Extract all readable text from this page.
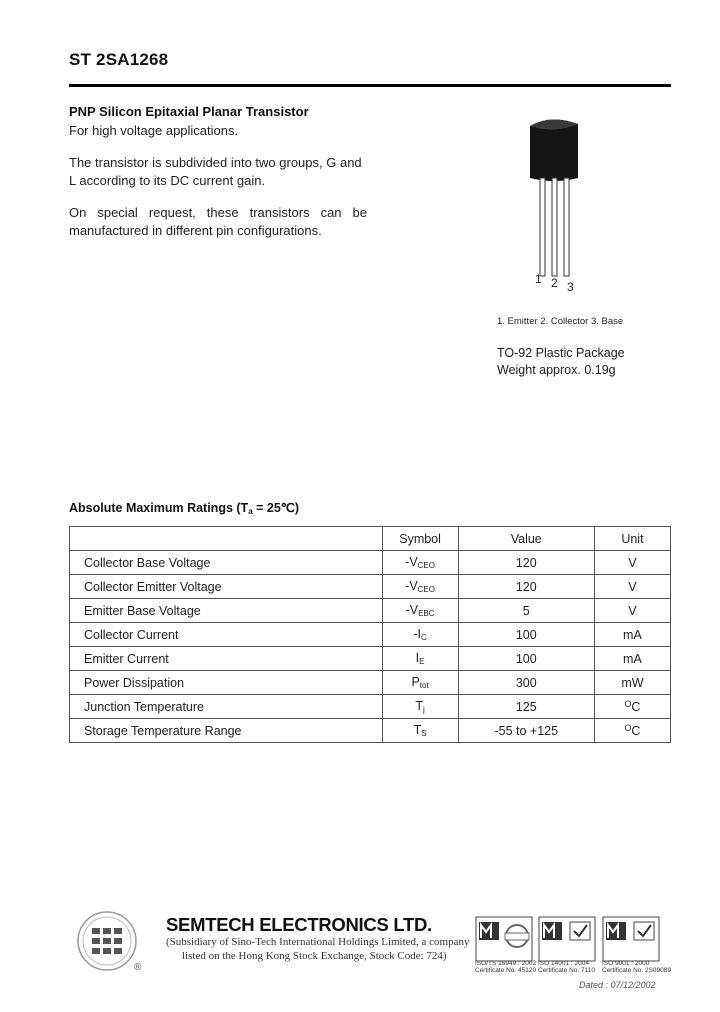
ST 2SA1268
PNP Silicon Epitaxial Planar Transistor
For high voltage applications.
The transistor is subdivided into two groups, G and L according to its DC current gain.
On special request, these transistors can be
manufactured in different pin configurations.
1 2 3
1. Emitter 2. Collector 3. Base
TO-92 Plastic Package
Weight approx. 0.19g
Absolute Maximum Ratings ($T_a$ = 25℃)
	Symbol	Value	Unit
Collector Base Voltage	$-V_{CEO}$	120	V
Collector Emitter Voltage	$-V_{CEO}$	120	V
Emitter Base Voltage	$-V_{EBC}$	5	V
Collector Current	$-I_C$	100	mA
Emitter Current	$I_E$	100	mA
Power Dissipation	$P_{tot}$	300	mW
Junction Temperature	$T_j$	125	$^O$C
Storage Temperature Range	$T_S$	-55 to +125	$^O$C
®
SEMTECH ELECTRONICS LTD.
(Subsidiary of Sino-Tech International Holdings Limited, a company
listed on the Hong Kong Stock Exchange, Stock Code: 724)
ISO/TS 16949 : 2002
Certificate No. 45120
ISO 14001 : 2004
Certificate No. 7110
ISO 9001 : 2000
Certificate No. 2S09089
Dated : 07/12/2002
